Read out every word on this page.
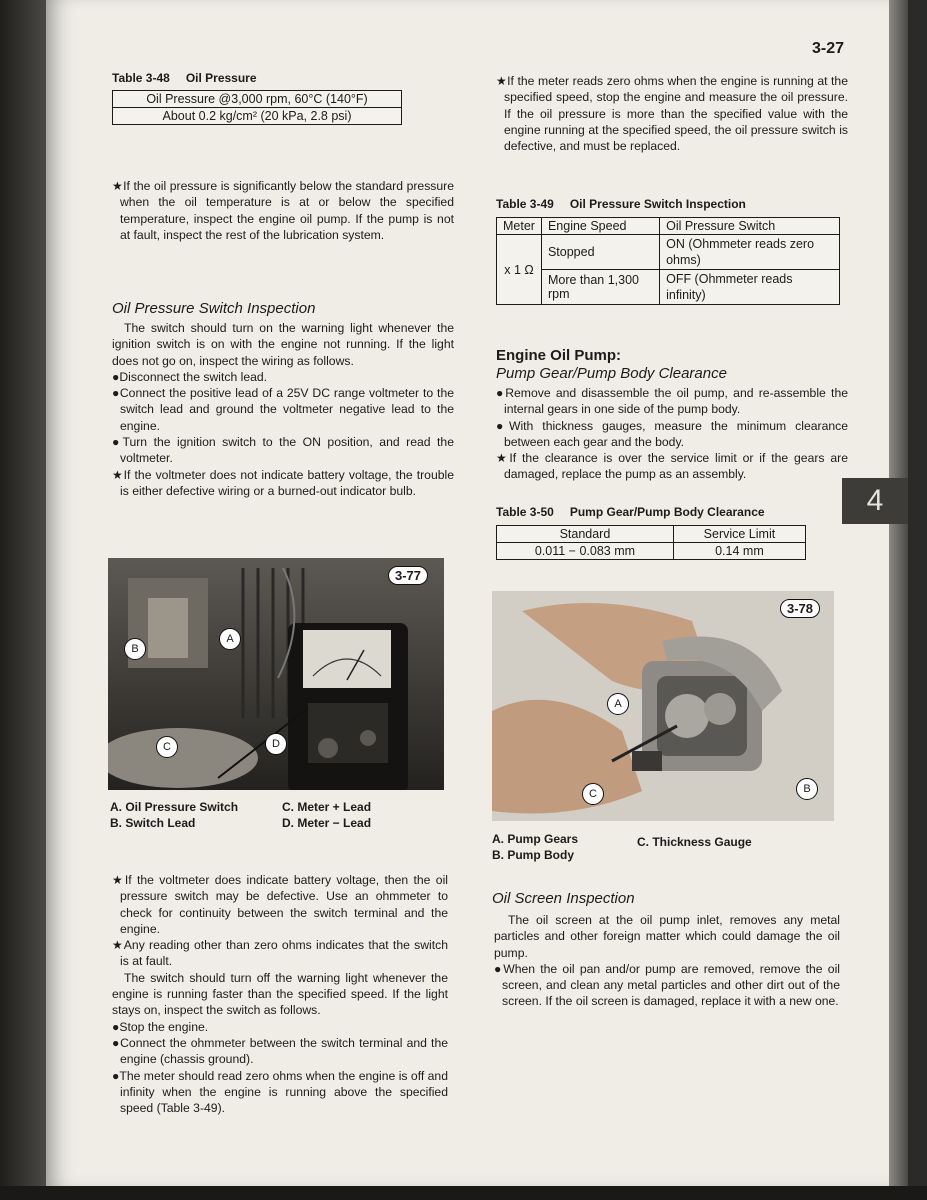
3-27
Table 3-48 Oil Pressure
Oil Pressure @3,000 rpm, 60°C (140°F)
About 0.2 kg/cm² (20 kPa, 2.8 psi)

★If the oil pressure is significantly below the standard pressure when the oil temperature is at or below the specified temperature, inspect the engine oil pump. If the pump is not at fault, inspect the rest of the lubrication system.

Oil Pressure Switch Inspection

The switch should turn on the warning light whenever the ignition switch is on with the engine not running. If the light does not go on, inspect the wiring as follows.

●Disconnect the switch lead.

●Connect the positive lead of a 25V DC range voltmeter to the switch lead and ground the voltmeter negative lead to the engine.

●Turn the ignition switch to the ON position, and read the voltmeter.

★If the voltmeter does not indicate battery voltage, the trouble is either defective wiring or a burned-out indicator bulb.

3-77
B
A
C	D
A. Oil Pressure Switch
B. Switch Lead
C. Meter + Lead
D. Meter − Lead

★If the voltmeter does indicate battery voltage, then the oil pressure switch may be defective. Use an ohmmeter to check for continuity between the switch terminal and the engine.

★Any reading other than zero ohms indicates that the switch is at fault.

The switch should turn off the warning light whenever the engine is running faster than the specified speed. If the light stays on, inspect the switch as follows.

●Stop the engine.

●Connect the ohmmeter between the switch terminal and the engine (chassis ground).

●The meter should read zero ohms when the engine is off and infinity when the engine is running above the specified speed (Table 3-49).

★If the meter reads zero ohms when the engine is running at the specified speed, stop the engine and measure the oil pressure. If the oil pressure is more than the specified value with the engine running at the specified speed, the oil pressure switch is defective, and must be replaced.

Table 3-49 Oil Pressure Switch Inspection
Meter	Engine Speed	Oil Pressure Switch
x 1 Ω	Stopped	ON (Ohmmeter reads zero ohms)
	More than 1,300 rpm	OFF (Ohmmeter reads infinity)
Engine Oil Pump:
Pump Gear/Pump Body Clearance

●Remove and disassemble the oil pump, and re-assemble the internal gears in one side of the pump body.

●With thickness gauges, measure the minimum clearance between each gear and the body.

★If the clearance is over the service limit or if the gears are damaged, replace the pump as an assembly.

Table 3-50 Pump Gear/Pump Body Clearance
Standard	Service Limit
0.011 − 0.083 mm	0.14 mm
3-78
A
B
C
A. Pump Gears
B. Pump Body
C. Thickness Gauge
Oil Screen Inspection

The oil screen at the oil pump inlet, removes any metal particles and other foreign matter which could damage the oil pump.

●When the oil pan and/or pump are removed, remove the oil screen, and clean any metal particles and other dirt out of the screen. If the oil screen is damaged, replace it with a new one.

4
